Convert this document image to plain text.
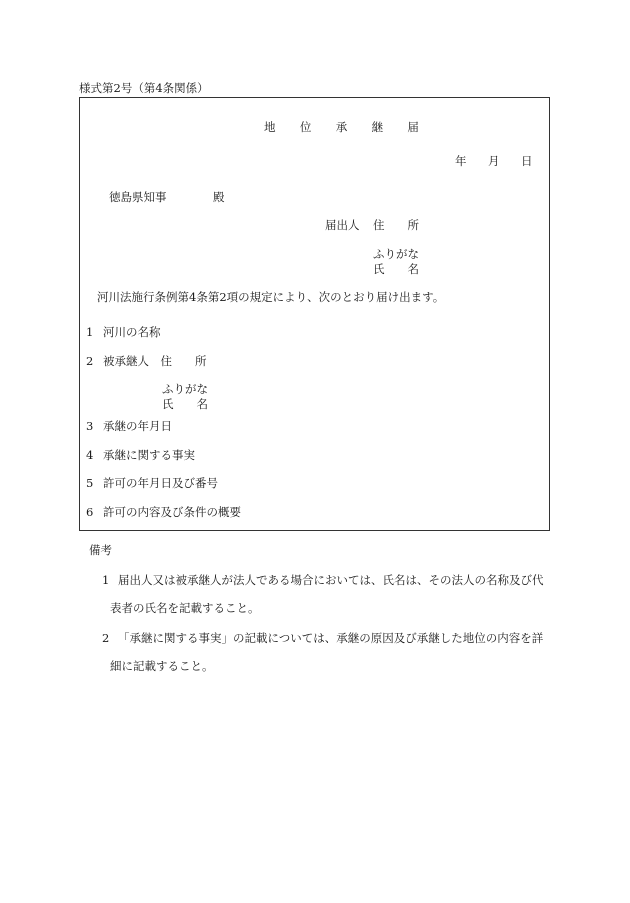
様式第2号（第4条関係）
地 位 承 継 届
年 月 日
徳島県知事	殿
届出人 住　　所
ふりがな
氏　　名
河川法施行条例第4条第2項の規定により、次のとおり届け出ます。
1 河川の名称
2 被承継人　住　　所
ふりがな
氏　　名
3 承継の年月日
4 承継に関する事実
5 許可の年月日及び番号
6 許可の内容及び条件の概要
備考
1 届出人又は被承継人が法人である場合においては、氏名は、その法人の名称及び代
表者の氏名を記載すること。
2 「承継に関する事実」の記載については、承継の原因及び承継した地位の内容を詳
細に記載すること。
